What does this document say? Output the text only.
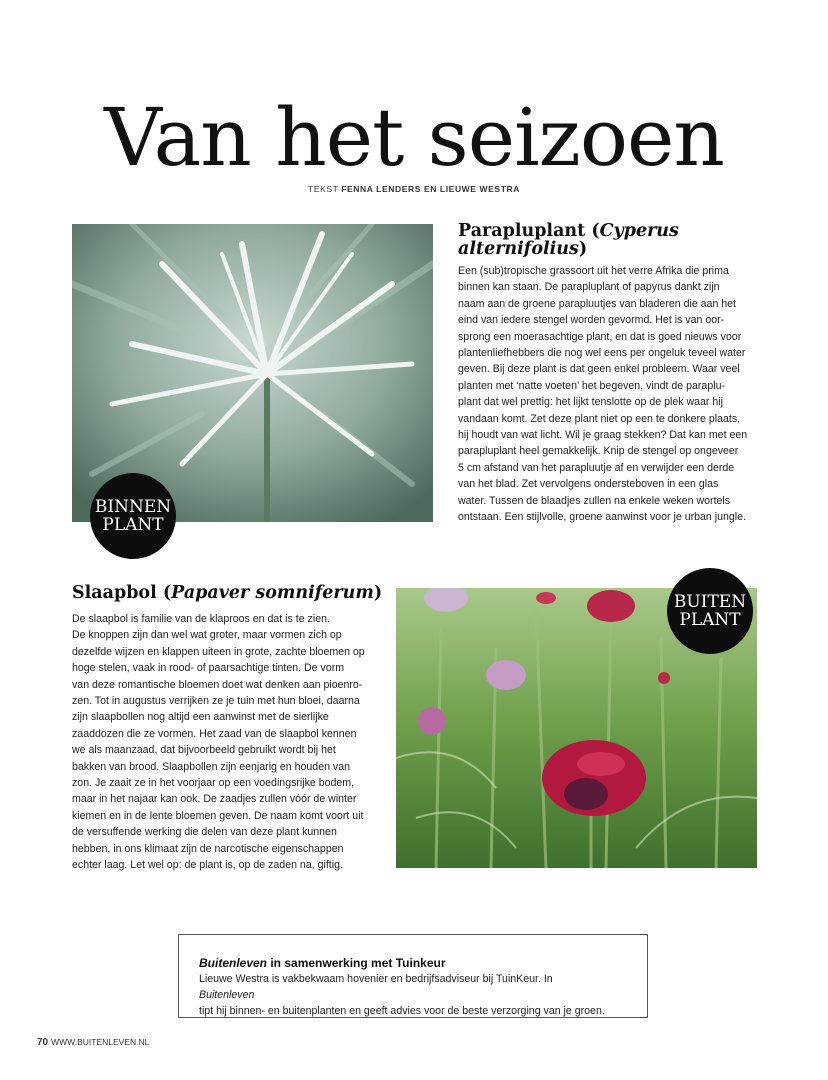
Van het seizoen
TEKST FENNA LENDERS EN LIEUWE WESTRA
BINNEN
PLANT
Parapluplant (Cyperus alternifolius)
Een (sub)tropische grassoort uit het verre Afrika die prima
binnen kan staan. De parapluplant of papyrus dankt zijn
naam aan de groene parapluutjes van bladeren die aan het
eind van iedere stengel worden gevormd. Het is van oor-
sprong een moerasachtige plant, en dat is goed nieuws voor
plantenliefhebbers die nog wel eens per ongeluk teveel water
geven. Bij deze plant is dat geen enkel probleem. Waar veel
planten met ‘natte voeten’ het begeven, vindt de paraplu-
plant dat wel prettig: het lijkt tenslotte op de plek waar hij
vandaan komt. Zet deze plant niet op een te donkere plaats,
hij houdt van wat licht. Wil je graag stekken? Dat kan met een
parapluplant heel gemakkelijk. Knip de stengel op ongeveer
5 cm afstand van het parapluutje af en verwijder een derde
van het blad. Zet vervolgens ondersteboven in een glas
water. Tussen de blaadjes zullen na enkele weken wortels
ontstaan. Een stijlvolle, groene aanwinst voor je urban jungle.
Slaapbol (Papaver somniferum)
De slaapbol is familie van de klaproos en dat is te zien.
De knoppen zijn dan wel wat groter, maar vormen zich op
dezelfde wijzen en klappen uiteen in grote, zachte bloemen op
hoge stelen, vaak in rood- of paarsachtige tinten. De vorm
van deze romantische bloemen doet wat denken aan pioenro-
zen. Tot in augustus verrijken ze je tuin met hun bloei, daarna
zijn slaapbollen nog altijd een aanwinst met de sierlijke
zaaddozen die ze vormen. Het zaad van de slaapbol kennen
we als maanzaad, dat bijvoorbeeld gebruikt wordt bij het
bakken van brood. Slaapbollen zijn eenjarig en houden van
zon. Je zaait ze in het voorjaar op een voedingsrijke bodem,
maar in het najaar kan ook. De zaadjes zullen vóór de winter
kiemen en in de lente bloemen geven. De naam komt voort uit
de versuffende werking die delen van deze plant kunnen
hebben, in ons klimaat zijn de narcotische eigenschappen
echter laag. Let wel op: de plant is, op de zaden na, giftig.
BUITEN
PLANT
Buitenleven in samenwerking met Tuinkeur
Lieuwe Westra is vakbekwaam hovenier en bedrijfsadviseur bij TuinKeur. In
Buitenleven
tipt hij binnen- en buitenplanten en geeft advies voor de beste verzorging van je groen.
70 WWW.BUITENLEVEN.NL
